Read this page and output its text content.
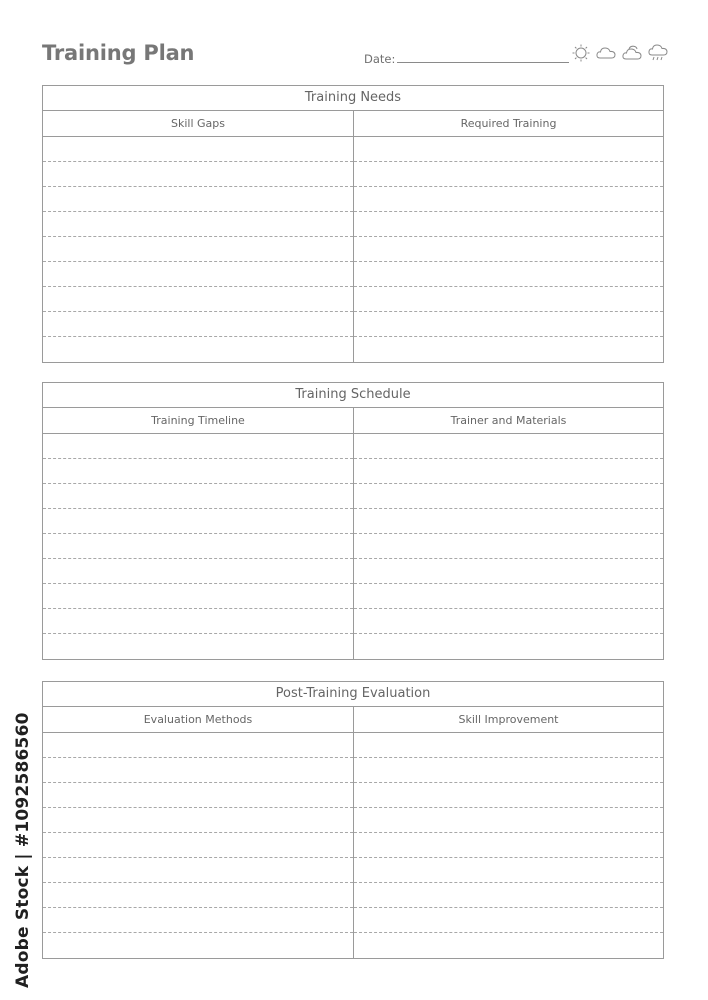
Training Plan	Date:
Training Needs
Skill Gaps	Required Training
Training Schedule
Training Timeline	Trainer and Materials
Post-Training Evaluation
Evaluation Methods	Skill Improvement
Adobe Stock | #1092586560
